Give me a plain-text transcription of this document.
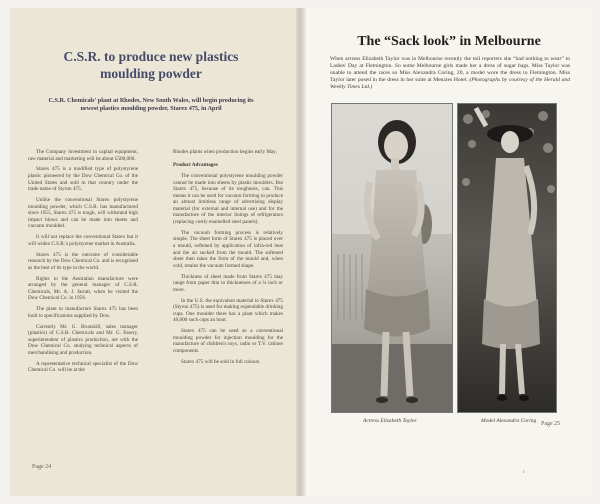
C.S.R. to produce new plastics moulding powder
C.S.R. Chemicals' plant at Rhodes, New South Wales, will begin producing its newest plastics moulding powder, Starex 475, in April

The Company investment in capital equipment, raw material and marketing will be about £500,000.

Starex 475 is a modified type of polystyrene plastic pioneered by the Dow Chemical Co. of the United States and sold in that country under the trade name of Styron 475.

Unlike the conventional Starex polystyrene moulding powder, which C.S.R. has manufactured since 1955, Starex 475 is tough, will withstand high impact blows and can be made into sheets and vacuum moulded.

It will not replace the conventional Starex but it will widen C.S.R.'s polystyrene market in Australia.

Starex 475 is the outcome of considerable research by the Dow Chemical Co. and is recognised as the best of its type in the world.

Rights to the Australian manufacture were arranged by the general manager of C.S.R. Chemicals, Mr. A. J. Jarratt, when he visited the Dow Chemical Co. in 1956.

The plant to manufacture Starex 475 has been built to specifications supplied by Dow.

Currently Mr. G. Brunskill, sales manager (plastics) of C.S.R. Chemicals and Mr. G. Essery, superintendent of plastics production, are with the Dow Chemical Co. studying technical aspects of merchandising and production.

A representative technical specialist of the Dow Chemical Co. will be at the

Rhodes plants when production begins early May.

Product Advantages

The conventional polystyrene moulding powder cannot be made into sheets by plastic moulders. But Starex 475, because of its toughness, can. This means it can be used for vacuum forming to produce an almost limitless range of advertising display material (for external and internal use) and for the manufacture of the interior linings of refrigerators (replacing costly enamelled steel panels).

The vacuum forming process is relatively simple. The sheet form of Starex 475 is placed over a mould, softened by application of infra-red heat and the air sucked from the mould. The softened sheet then takes the form of the mould and, when cold, retains the vacuum formed shape.

Thickness of sheet made from Starex 475 may range from paper thin to thicknesses of a ¼ inch or more.

In the U.S. the equivalent material to Starex 475 (Styron 475) is used for making expendable drinking cups. One moulder there has a plant which makes 40,000 such cups an hour.

Starex 475 can be used as a conventional moulding powder for injection moulding for the manufacture of children's toys, radio or T.V. cabinet components.

Starex 475 will be sold in full colours.

Page 24
The “Sack look” in Melbourne
When actress Elizabeth Taylor was in Melbourne recently the toil reporters she “had nothing to wear” to Ladies' Day at Flemington. So some Melbourne girls made her a dress of sugar bags. Miss Taylor was unable to attend the races so Miss Alexandra Coring, 20, a model wore the dress to Flemington. Miss Taylor later posed in the dress in her suite at Menzies Hotel. (Photographs by courtesy of the Herald and Weekly Times Ltd.)
Actress Elizabeth Taylor	Model Alexandra Coring Page 25
r
